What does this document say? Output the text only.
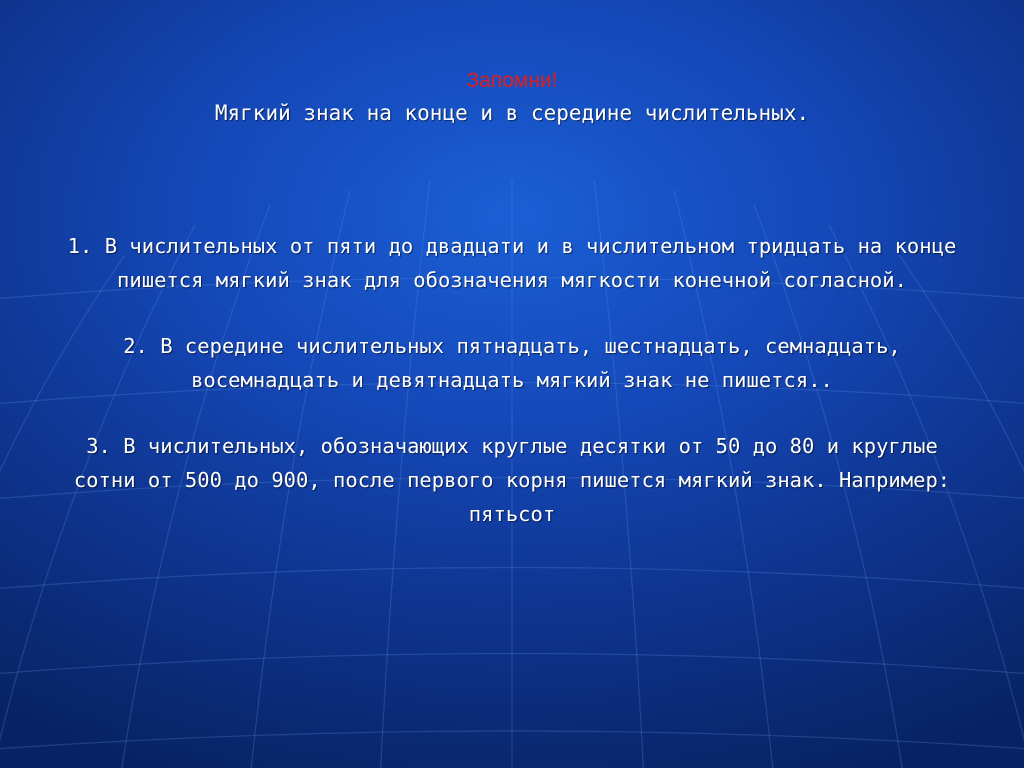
Запомни!

Мягкий знак на конце и в середине числительных.

1. В числительных от пяти до двадцати и в числительном тридцать на конце пишется мягкий знак для обозначения мягкости конечной согласной.

2. В середине числительных пятнадцать, шестнадцать, семнадцать, восемнадцать и девятнадцать мягкий знак не пишется..

3. В числительных, обозначающих круглые десятки от 50 до 80 и круглые сотни от 500 до 900, после первого корня пишется мягкий знак. Например: пятьсот
